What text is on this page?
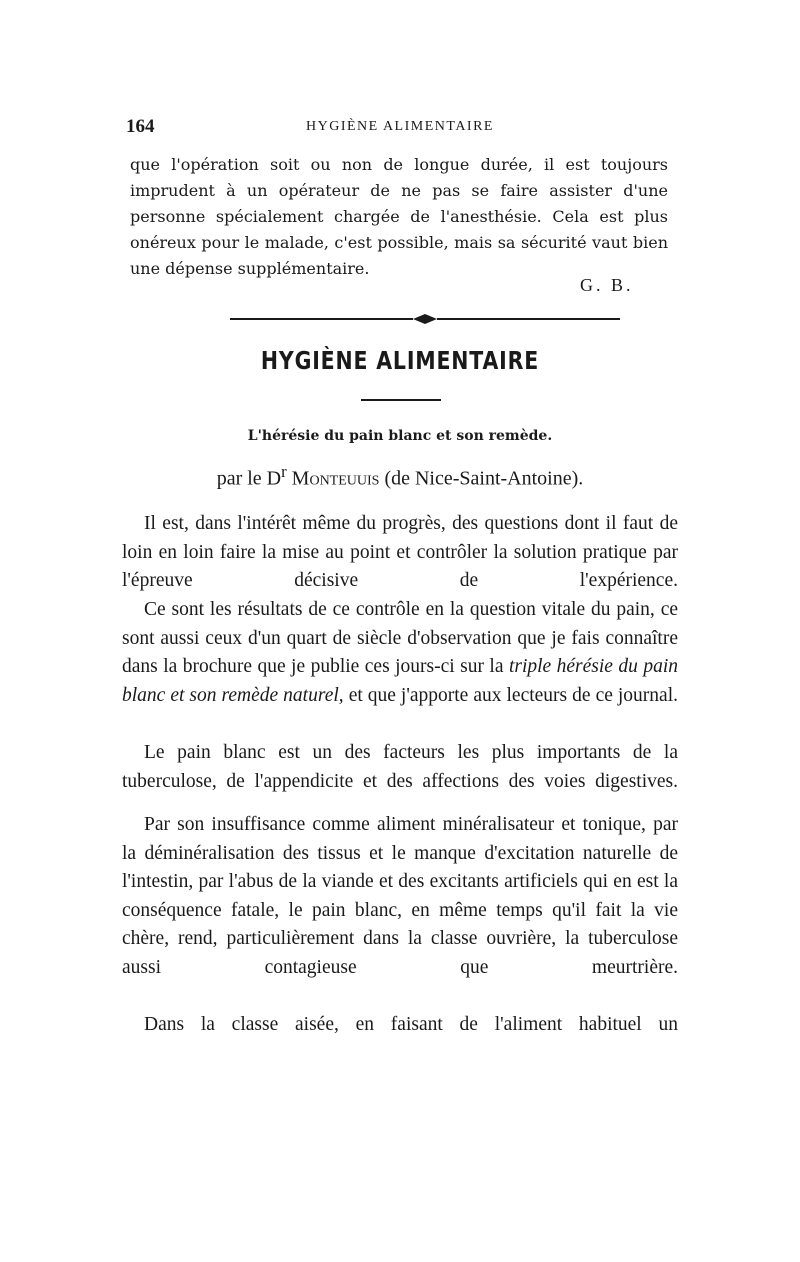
164	HYGIÈNE ALIMENTAIRE

que l'opération soit ou non de longue durée, il est toujours imprudent à un opérateur de ne pas se faire assister d'une personne spécialement chargée de l'anesthésie. Cela est plus onéreux pour le malade, c'est possible, mais sa sécurité vaut bien une dépense supplémentaire.

G. B.
HYGIÈNE ALIMENTAIRE
L'hérésie du pain blanc et son remède.
par le $D^r$ Monteuuis (de Nice-Saint-Antoine).

Il est, dans l'intérêt même du progrès, des questions dont il faut de loin en loin faire la mise au point et contrôler la solution pratique par l'épreuve décisive de l'expérience.

Ce sont les résultats de ce contrôle en la question vitale du pain, ce sont aussi ceux d'un quart de siècle d'observation que je fais connaître dans la brochure que je publie ces jours-ci sur la triple hérésie du pain blanc et son remède naturel, et que j'apporte aux lecteurs de ce journal.

Le pain blanc est un des facteurs les plus importants de la tuberculose, de l'appendicite et des affections des voies digestives.

Par son insuffisance comme aliment minéralisateur et tonique, par la déminéralisation des tissus et le manque d'excitation naturelle de l'intestin, par l'abus de la viande et des excitants artificiels qui en est la conséquence fatale, le pain blanc, en même temps qu'il fait la vie chère, rend, particulièrement dans la classe ouvrière, la tuberculose aussi contagieuse que meurtrière.

Dans la classe aisée, en faisant de l'aliment habituel un
